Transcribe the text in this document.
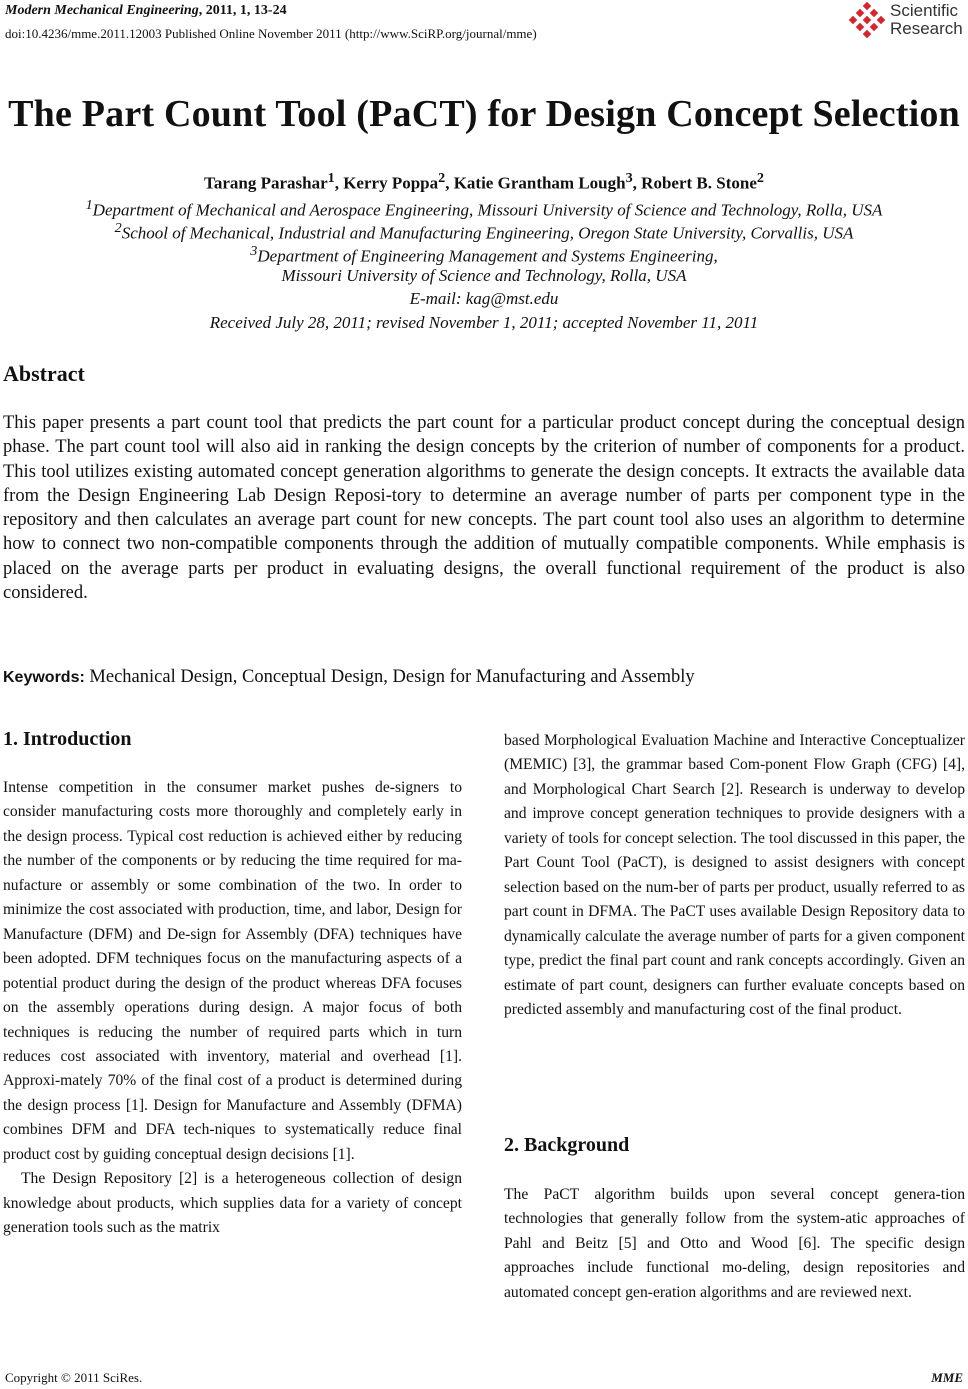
Modern Mechanical Engineering, 2011, 1, 13-24
doi:10.4236/mme.2011.12003 Published Online November 2011 (http://www.SciRP.org/journal/mme)
Scientific
Research
The Part Count Tool (PaCT) for Design Concept Selection
Tarang Parashar$^1$, Kerry Poppa$^2$, Katie Grantham Lough$^3$, Robert B. Stone$^2$
$^1$Department of Mechanical and Aerospace Engineering, Missouri University of Science and Technology, Rolla, USA
$^2$School of Mechanical, Industrial and Manufacturing Engineering, Oregon State University, Corvallis, USA
$^3$Department of Engineering Management and Systems Engineering,
Missouri University of Science and Technology, Rolla, USA
E-mail: kag@mst.edu
Received July 28, 2011; revised November 1, 2011; accepted November 11, 2011
Abstract

This paper presents a part count tool that predicts the part count for a particular product concept during the conceptual design phase. The part count tool will also aid in ranking the design concepts by the criterion of number of components for a product. This tool utilizes existing automated concept generation algorithms to generate the design concepts. It extracts the available data from the Design Engineering Lab Design Reposi-tory to determine an average number of parts per component type in the repository and then calculates an average part count for new concepts. The part count tool also uses an algorithm to determine how to connect two non-compatible components through the addition of mutually compatible components. While emphasis is placed on the average parts per product in evaluating designs, the overall functional requirement of the product is also considered.

Keywords: Mechanical Design, Conceptual Design, Design for Manufacturing and Assembly
1. Introduction

Intense competition in the consumer market pushes de-signers to consider manufacturing costs more thoroughly and completely early in the design process. Typical cost reduction is achieved either by reducing the number of the components or by reducing the time required for ma-nufacture or assembly or some combination of the two. In order to minimize the cost associated with production, time, and labor, Design for Manufacture (DFM) and De-sign for Assembly (DFA) techniques have been adopted. DFM techniques focus on the manufacturing aspects of a potential product during the design of the product whereas DFA focuses on the assembly operations during design. A major focus of both techniques is reducing the number of required parts which in turn reduces cost associated with inventory, material and overhead [1]. Approxi-mately 70% of the final cost of a product is determined during the design process [1]. Design for Manufacture and Assembly (DFMA) combines DFM and DFA tech-niques to systematically reduce final product cost by guiding conceptual design decisions [1].

The Design Repository [2] is a heterogeneous collection of design knowledge about products, which supplies data for a variety of concept generation tools such as the matrix

based Morphological Evaluation Machine and Interactive Conceptualizer (MEMIC) [3], the grammar based Com-ponent Flow Graph (CFG) [4], and Morphological Chart Search [2]. Research is underway to develop and improve concept generation techniques to provide designers with a variety of tools for concept selection. The tool discussed in this paper, the Part Count Tool (PaCT), is designed to assist designers with concept selection based on the num-ber of parts per product, usually referred to as part count in DFMA. The PaCT uses available Design Repository data to dynamically calculate the average number of parts for a given component type, predict the final part count and rank concepts accordingly. Given an estimate of part count, designers can further evaluate concepts based on predicted assembly and manufacturing cost of the final product.

2. Background

The PaCT algorithm builds upon several concept genera-tion technologies that generally follow from the system-atic approaches of Pahl and Beitz [5] and Otto and Wood [6]. The specific design approaches include functional mo-deling, design repositories and automated concept gen-eration algorithms and are reviewed next.

Copyright © 2011 SciRes.	MME
